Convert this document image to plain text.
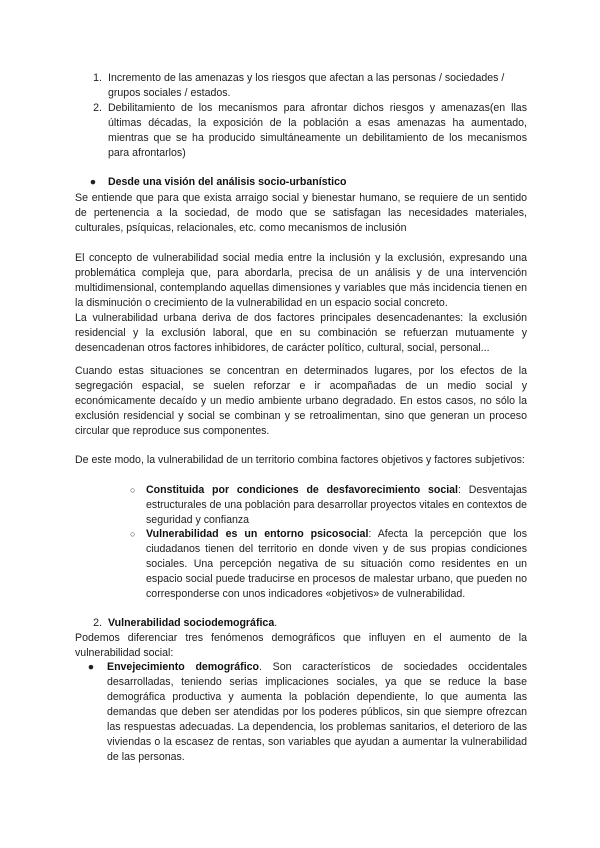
1. Incremento de las amenazas y los riesgos que afectan a las personas / sociedades / grupos sociales / estados.

2. Debilitamiento de los mecanismos para afrontar dichos riesgos y amenazas(en llas últimas décadas, la exposición de la población a esas amenazas ha aumentado, mientras que se ha producido simultáneamente un debilitamiento de los mecanismos para afrontarlos)

●	Desde una visión del análisis socio-urbanístico

Se entiende que para que exista arraigo social y bienestar humano, se requiere de un sentido de pertenencia a la sociedad, de modo que se satisfagan las necesidades materiales, culturales, psíquicas, relacionales, etc. como mecanismos de inclusión

El concepto de vulnerabilidad social media entre la inclusión y la exclusión, expresando una problemática compleja que, para abordarla, precisa de un análisis y de una intervención multidimensional, contemplando aquellas dimensiones y variables que más incidencia tienen en la disminución o crecimiento de la vulnerabilidad en un espacio social concreto.

La vulnerabilidad urbana deriva de dos factores principales desencadenantes: la exclusión residencial y la exclusión laboral, que en su combinación se refuerzan mutuamente y desencadenan otros factores inhibidores, de carácter político, cultural, social, personal...

Cuando estas situaciones se concentran en determinados lugares, por los efectos de la segregación espacial, se suelen reforzar e ir acompañadas de un medio social y económicamente decaído y un medio ambiente urbano degradado. En estos casos, no sólo la exclusión residencial y social se combinan y se retroalimentan, sino que generan un proceso circular que reproduce sus componentes.

De este modo, la vulnerabilidad de un territorio combina factores objetivos y factores subjetivos:

○ Constituida por condiciones de desfavorecimiento social: Desventajas estructurales de una población para desarrollar proyectos vitales en contextos de seguridad y confianza

○ Vulnerabilidad es un entorno psicosocial: Afecta la percepción que los ciudadanos tienen del territorio en donde viven y de sus propias condiciones sociales. Una percepción negativa de su situación como residentes en un espacio social puede traducirse en procesos de malestar urbano, que pueden no corresponderse con unos indicadores «objetivos» de vulnerabilidad.

2. Vulnerabilidad sociodemográfica.

Podemos diferenciar tres fenómenos demográficos que influyen en el aumento de la vulnerabilidad social:

●	Envejecimiento demográfico. Son característicos de sociedades occidentales desarrolladas, teniendo serias implicaciones sociales, ya que se reduce la base demográfica productiva y aumenta la población dependiente, lo que aumenta las demandas que deben ser atendidas por los poderes públicos, sin que siempre ofrezcan las respuestas adecuadas. La dependencia, los problemas sanitarios, el deterioro de las viviendas o la escasez de rentas, son variables que ayudan a aumentar la vulnerabilidad de las personas.
